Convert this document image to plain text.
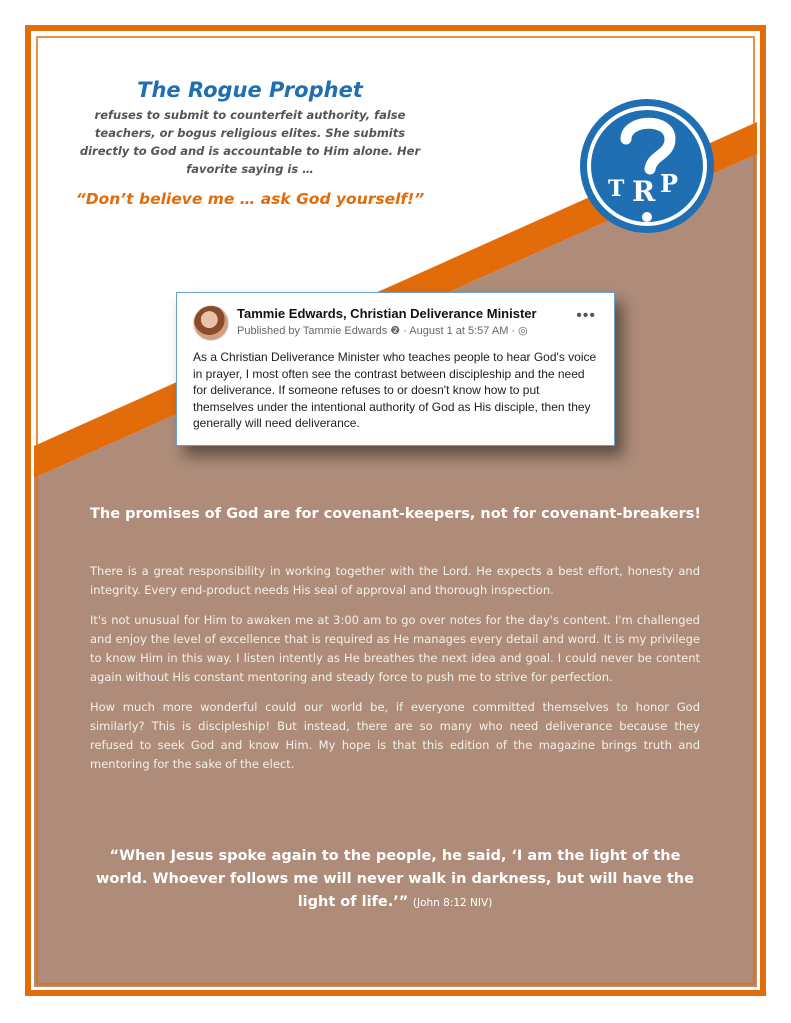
The Rogue Prophet
refuses to submit to counterfeit authority, false teachers, or bogus religious elites. She submits directly to God and is accountable to Him alone. Her favorite saying is …
“Don’t believe me … ask God yourself!”	T R P
Tammie Edwards, Christian Deliverance Minister
Published by Tammie Edwards ❷ · August 1 at 5:57 AM · ◎
•••
As a Christian Deliverance Minister who teaches people to hear God's voice in prayer, I most often see the contrast between discipleship and the need for deliverance. If someone refuses to or doesn't know how to put themselves under the intentional authority of God as His disciple, then they generally will need deliverance.
The promises of God are for covenant-keepers, not for covenant-breakers!

There is a great responsibility in working together with the Lord. He expects a best effort, honesty and integrity. Every end-product needs His seal of approval and thorough inspection.

It's not unusual for Him to awaken me at 3:00 am to go over notes for the day's content. I'm challenged and enjoy the level of excellence that is required as He manages every detail and word. It is my privilege to know Him in this way. I listen intently as He breathes the next idea and goal. I could never be content again without His constant mentoring and steady force to push me to strive for perfection.

How much more wonderful could our world be, if everyone committed themselves to honor God similarly? This is discipleship! But instead, there are so many who need deliverance because they refused to seek God and know Him. My hope is that this edition of the magazine brings truth and mentoring for the sake of the elect.

“When Jesus spoke again to the people, he said, ‘I am the light of the world. Whoever follows me will never walk in darkness, but will have the light of life.’” (John 8:12 NIV)
